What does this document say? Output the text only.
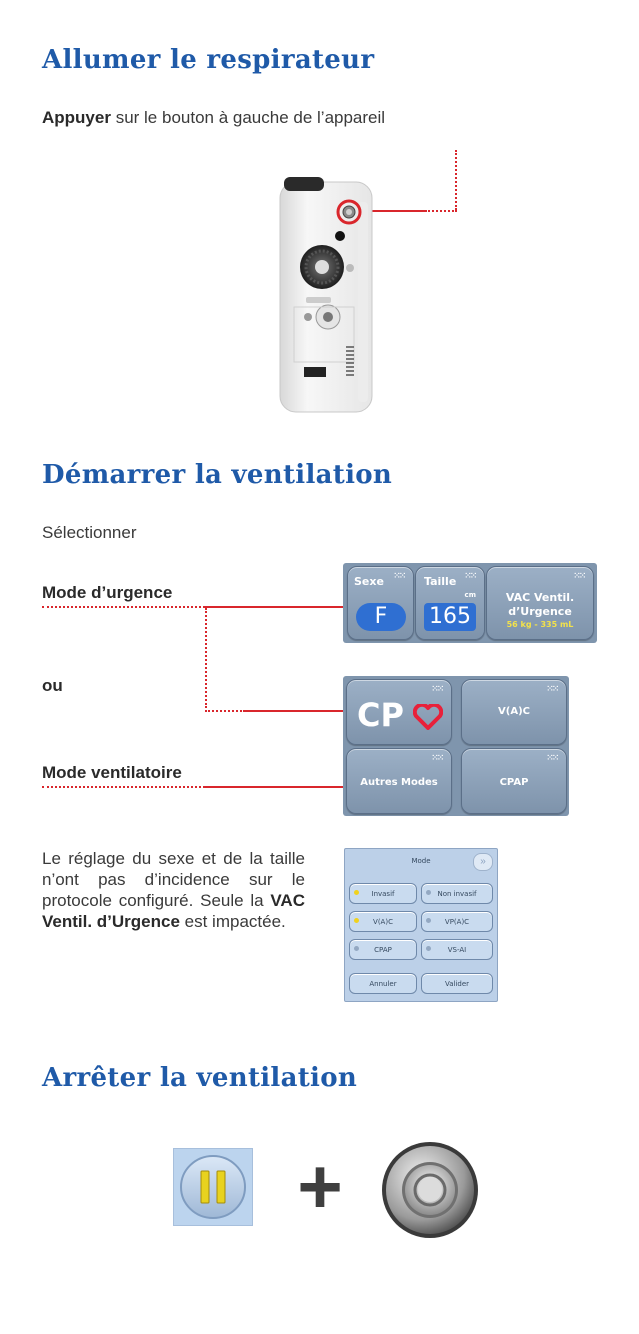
Allumer le respirateur
Appuyer sur le bouton à gauche de l’appareil
Démarrer la ventilation
Sélectionner
Mode d’urgence
ou
Mode ventilatoire
⁙⁙
Sexe
F
⁙⁙
Taille
cm
165
⁙⁙
VAC Ventil.
d’Urgence
56 kg - 335 mL
⁙⁙
CP
⁙⁙
V(A)C
⁙⁙
Autres Modes
⁙⁙
CPAP
Le réglage du sexe et de la taille n’ont pas d’incidence sur le protocole configuré. Seule la VAC Ventil. d’Urgence est impactée.
Mode	»
Invasif	Non invasif
V(A)C	VP(A)C
CPAP	VS-AI
Annuler	Valider
Arrêter la ventilation
+
